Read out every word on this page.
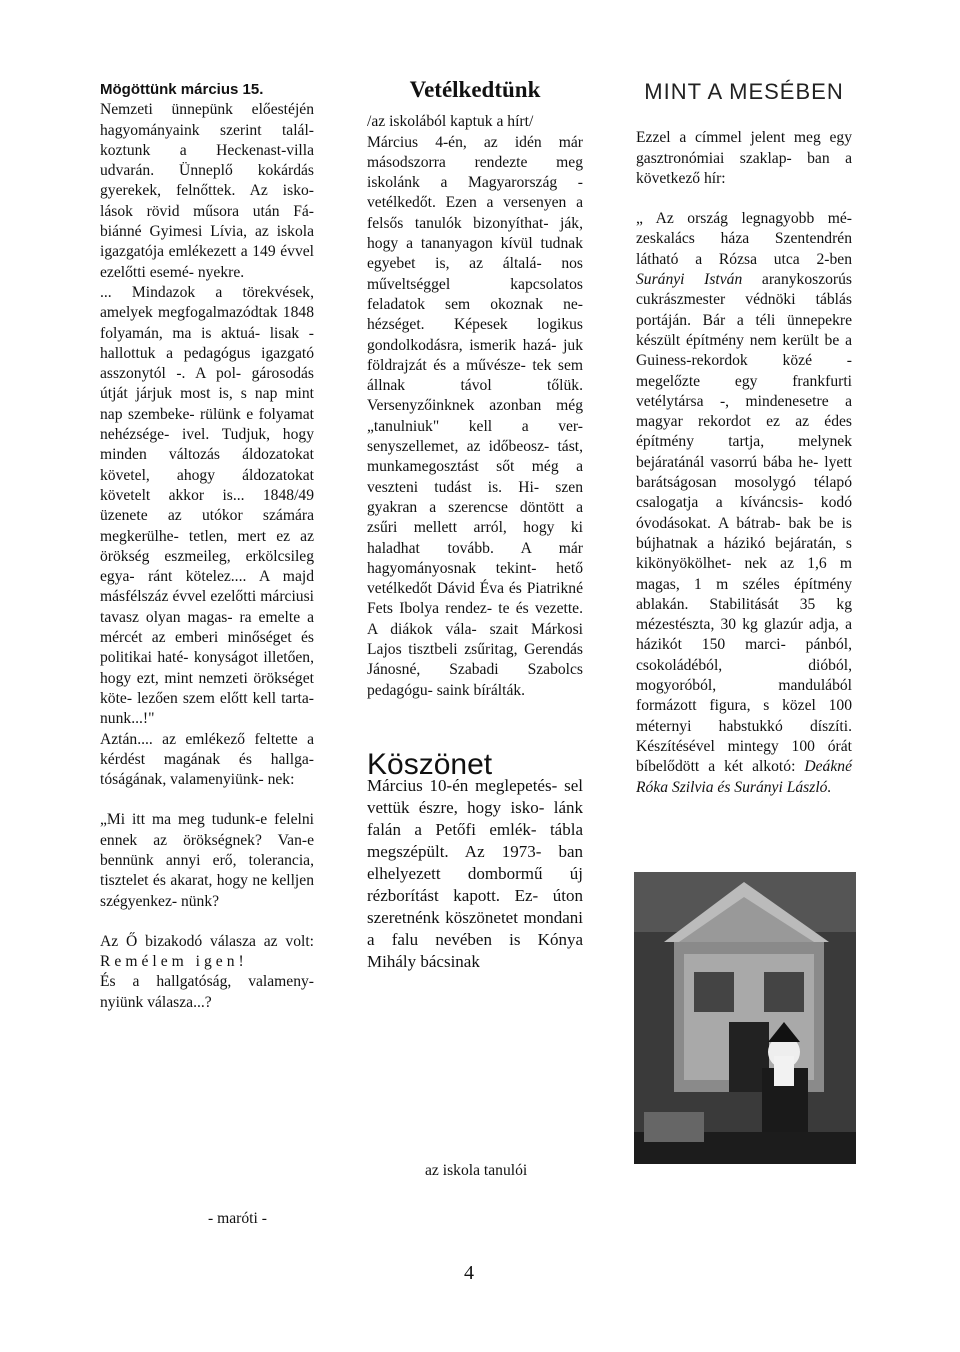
Mögöttünk március 15.

Nemzeti ünnepünk előestéjén hagyományaink szerint talál- koztunk a Heckenast-villa udvarán. Ünneplő kokárdás gyerekek, felnőttek. Az isko- lások rövid műsora után Fá- biánné Gyimesi Lívia, az iskola igazgatója emlékezett a 149 évvel ezelőtti esemé- nyekre.

... Mindazok a törekvések, amelyek megfogalmazódtak 1848 folyamán, ma is aktuá- lisak - hallottuk a pedagógus igazgató asszonytól -. A pol- gárosodás útját járjuk most is, s nap mint nap szembeke- rülünk e folyamat nehézsége- ivel. Tudjuk, hogy minden változás áldozatokat követel, ahogy áldozatokat követelt akkor is... 1848/49 üzenete az utókor számára megkerülhe- tetlen, mert ez az örökség eszmeileg, erkölcsileg egya- ránt kötelez.... A majd másfélszáz évvel ezelőtti márciusi tavasz olyan magas- ra emelte a mércét az emberi minőséget és politikai haté- konyságot illetően, hogy ezt, mint nemzeti örökséget köte- lezően szem előtt kell tarta- nunk...!"

Aztán.... az emlékező feltette a kérdést magának és hallga- tóságának, valamenyiünk- nek:

„Mi itt ma meg tudunk-e felelni ennek az örökségnek? Van-e bennünk annyi erő, tolerancia, tisztelet és akarat, hogy ne kelljen szégyenkez- nünk?

Az Ő bizakodó válasza az volt: Remélem igen!

És a hallgatóság, valameny- nyiünk válasza...?

- maróti -
Vetélkedtünk

/az iskolából kaptuk a hírt/

Március 4-én, az idén már másodszorra rendezte meg iskolánk a Magyarország - vetélkedőt. Ezen a versenyen a felsős tanulók bizonyíthat- ják, hogy a tananyagon kívül tudnak egyebet is, az általá- nos műveltséggel kapcsolatos feladatok sem okoznak ne- hézséget. Képesek logikus gondolkodásra, ismerik hazá- juk földrajzát és a művésze- tek sem állnak távol tőlük. Versenyzőinknek azonban még „tanulniuk" kell a ver- senyszellemet, az időbeosz- tást, munkamegosztást sőt még a veszteni tudást is. Hi- szen gyakran a szerencse döntött a zsűri mellett arról, hogy ki haladhat tovább. A már hagyományosnak tekint- hető vetélkedőt Dávid Éva és Piatrikné Fets Ibolya rendez- te és vezette. A diákok vála- szait Márkosi Lajos tisztbeli zsűritag, Gerendás Jánosné, Szabadi Szabolcs pedagógu- saink bírálták.

Köszönet

Március 10-én meglepetés- sel vettük észre, hogy isko- lánk falán a Petőfi emlék- tábla megszépült. Az 1973- ban elhelyezett dombormű új rézborítást kapott. Ez- úton szeretnénk köszönetet mondani a falu nevében is Kónya Mihály bácsinak

az iskola tanulói
MINT A MESÉBEN

Ezzel a címmel jelent meg egy gasztronómiai szaklap- ban a következő hír:

„ Az ország legnagyobb mé- zeskalács háza Szentendrén látható a Rózsa utca 2-ben Surányi István aranykoszorús cukrászmester védnöki táblás portáján. Bár a téli ünnepekre készült építmény nem került be a Guiness-rekordok közé - megelőzte egy frankfurti vetélytársa -, mindenesetre a magyar rekordot ez az édes építmény tartja, melynek bejáratánál vasorrú bába he- lyett barátságosan mosolygó télapó csalogatja a kíváncsis- kodó óvodásokat. A bátrab- bak be is bújhatnak a házikó bejáratán, s kikönyökölhet- nek az 1,6 m magas, 1 m széles építmény ablakán. Stabilitását 35 kg mézestészta, 30 kg glazúr adja, a házikót 150 marci- pánból, csokoládéból, dióból, mogyoróból, mandulából formázott figura, s közel 100 méternyi habstukkó díszíti. Készítésével mintegy 100 órát bíbelődött a két alkotó: Deákné Róka Szilvia és Surányi László.

4
